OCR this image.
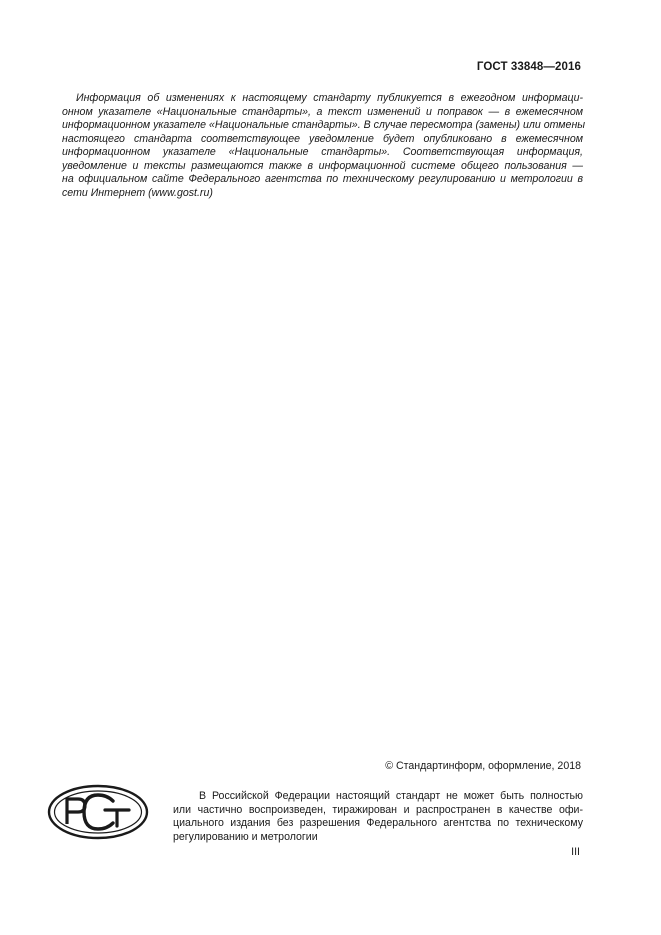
ГОСТ 33848—2016
Информация об изменениях к настоящему стандарту публикуется в ежегодном информаци-
онном указателе «Национальные стандарты», а текст изменений и поправок — в ежемесячном
информационном указателе «Национальные стандарты». В случае пересмотра (замены) или отмены
настоящего стандарта соответствующее уведомление будет опубликовано в ежемесячном
информационном указателе «Национальные стандарты». Соответствующая информация,
уведомление и тексты размещаются также в информационной системе общего пользования —
на официальном сайте Федерального агентства по техническому регулированию и метрологии в
сети Интернет (www.gost.ru)
© Стандартинформ, оформление, 2018
В Российской Федерации настоящий стандарт не может быть полностью
или частично воспроизведен, тиражирован и распространен в качестве офи-
циального издания без разрешения Федерального агентства по техническому
регулированию и метрологии
III
